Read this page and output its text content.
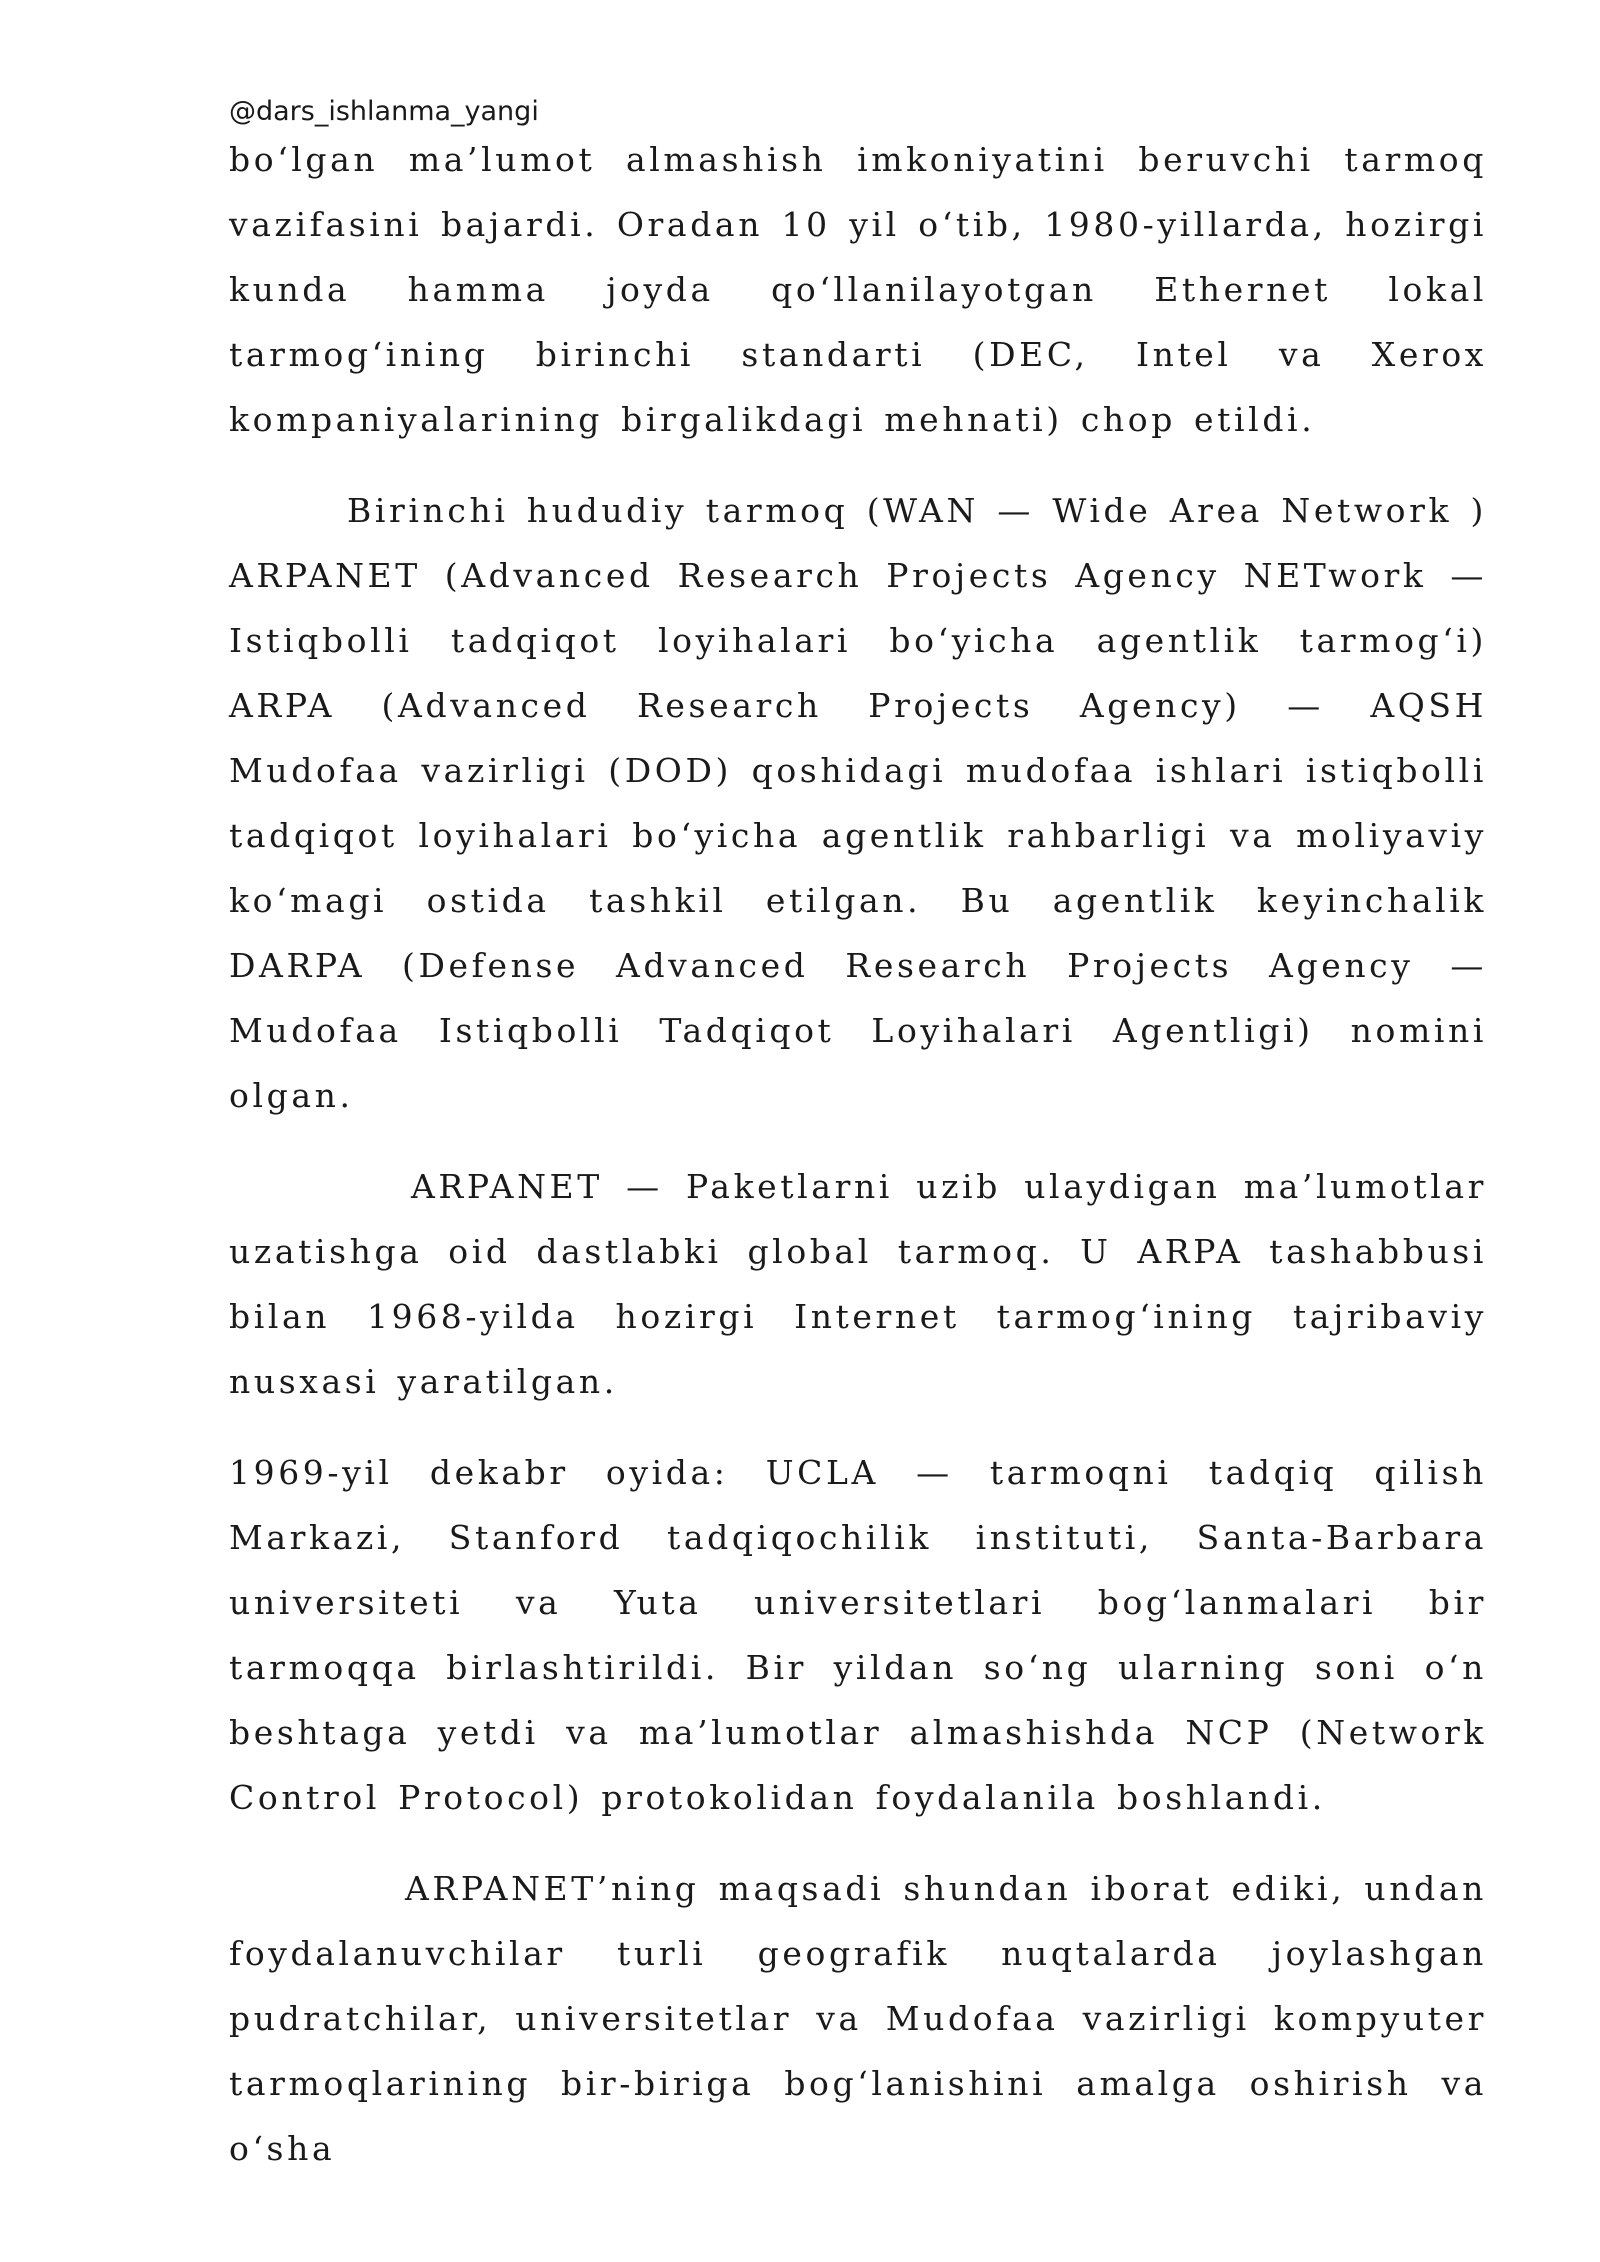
@dars_ishlanma_yangi

bo‘lgan ma’lumot almashish imkoniyatini beruvchi tarmoq vazifasini bajardi. Oradan 10 yil o‘tib, 1980-yillarda, hozirgi kunda hamma joyda qo‘llanilayotgan Ethernet lokal tarmog‘ining birinchi standarti (DEC, Intel va Xerox kompaniyalarining birgalikdagi mehnati) chop etildi.

Birinchi hududiy tarmoq (WAN — Wide Area Network ) ARPANET (Advanced Research Projects Agency NETwork — Istiqbolli tadqiqot loyihalari bo‘yicha agentlik tarmog‘i) ARPA (Advanced Research Projects Agency) — AQSH Mudofaa vazirligi (DOD) qoshidagi mudofaa ishlari istiqbolli tadqiqot loyihalari bo‘yicha agentlik rahbarligi va moliyaviy ko‘magi ostida tashkil etilgan. Bu agentlik keyinchalik DARPA (Defense Advanced Research Projects Agency — Mudofaa Istiqbolli Tadqiqot Loyihalari Agentligi) nomini olgan.

ARPANET — Paketlarni uzib ulaydigan ma’lumotlar uzatishga oid dastlabki global tarmoq. U ARPA tashabbusi bilan 1968-yilda hozirgi Internet tarmog‘ining tajribaviy nusxasi yaratilgan.

1969-yil dekabr oyida: UCLA — tarmoqni tadqiq qilish Markazi, Stanford tadqiqochilik instituti, Santa-Barbara universiteti va Yuta universitetlari bog‘lanmalari bir tarmoqqa birlashtirildi. Bir yildan so‘ng ularning soni o‘n beshtaga yetdi va ma’lumotlar almashishda NCP (Network Control Protocol) protokolidan foydalanila boshlandi.

ARPANET’ning maqsadi shundan iborat ediki, undan foydalanuvchilar turli geografik nuqtalarda joylashgan pudratchilar, universitetlar va Mudofaa vazirligi kompyuter tarmoqlarining bir-biriga bog‘lanishini amalga oshirish va o‘sha
